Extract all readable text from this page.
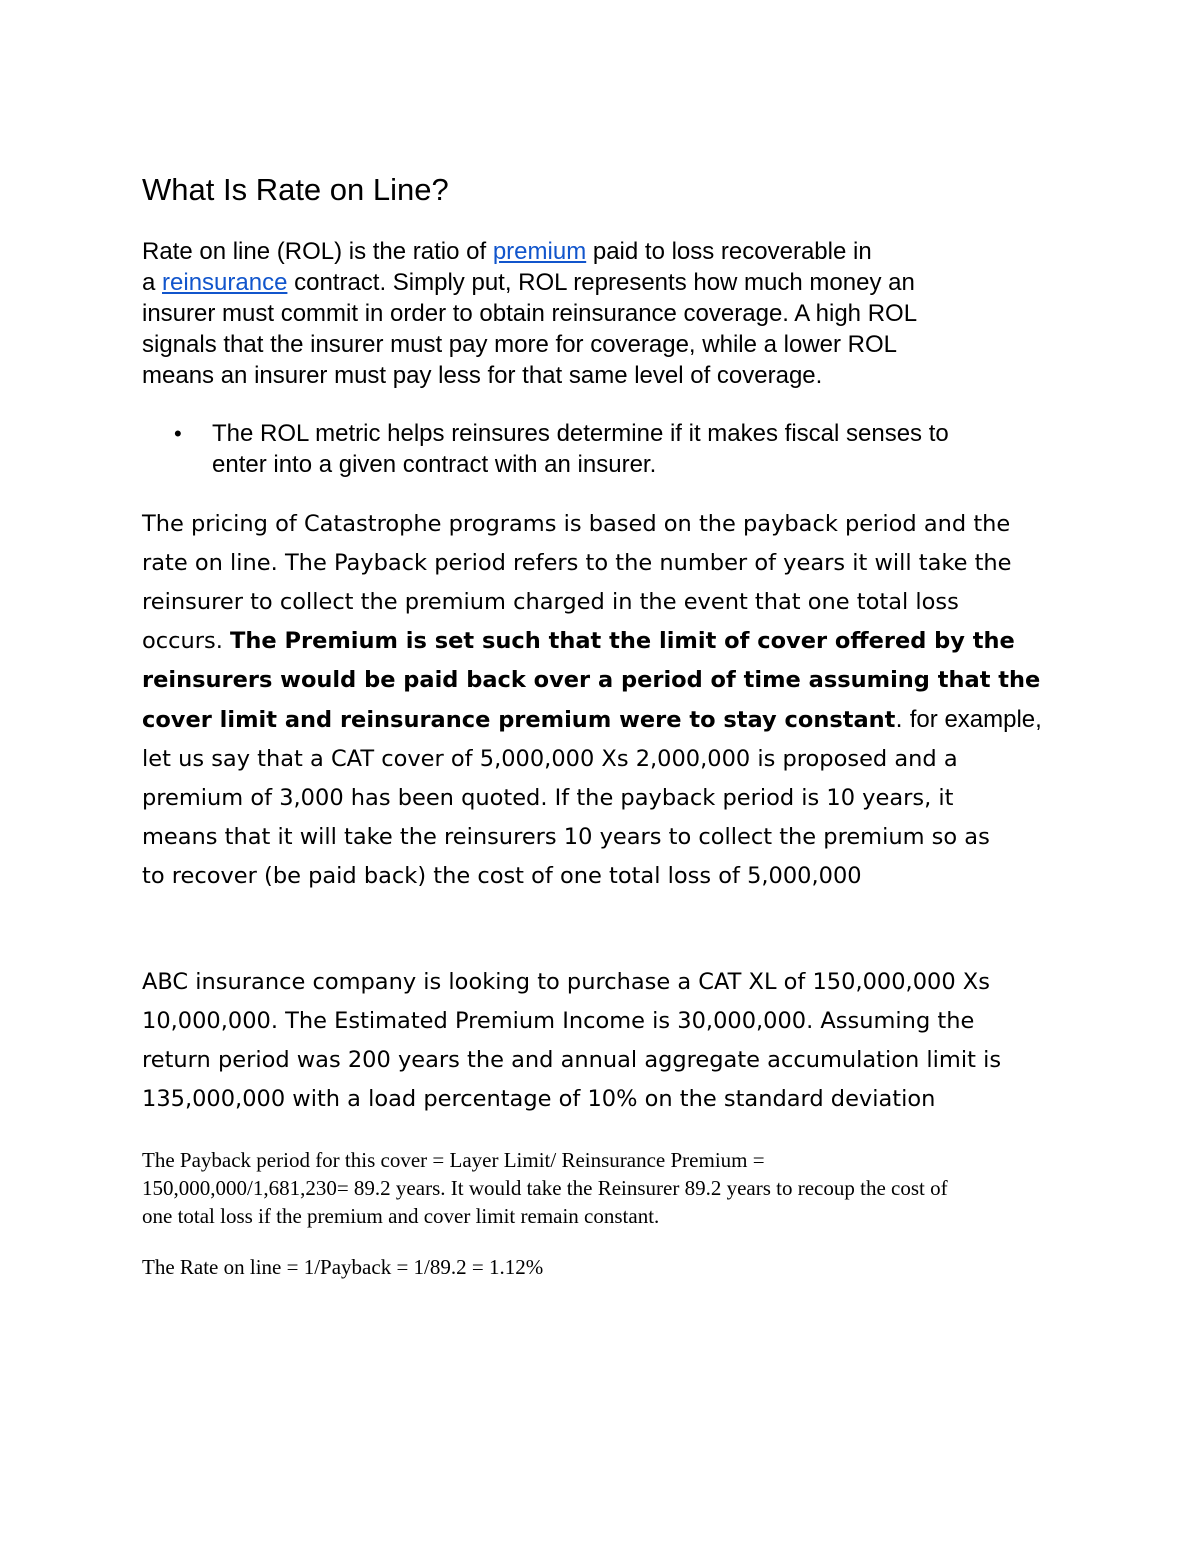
What Is Rate on Line?

Rate on line (ROL) is the ratio of premium paid to loss recoverable in
a reinsurance contract. Simply put, ROL represents how much money an
insurer must commit in order to obtain reinsurance coverage. A high ROL
signals that the insurer must pay more for coverage, while a lower ROL
means an insurer must pay less for that same level of coverage.

• The ROL metric helps reinsures determine if it makes fiscal senses to
enter into a given contract with an insurer.

The pricing of Catastrophe programs is based on the payback period and the
rate on line. The Payback period refers to the number of years it will take the
reinsurer to collect the premium charged in the event that one total loss
occurs. The Premium is set such that the limit of cover offered by the
reinsurers would be paid back over a period of time assuming that the
cover limit and reinsurance premium were to stay constant. for example,
let us say that a CAT cover of 5,000,000 Xs 2,000,000 is proposed and a
premium of 3,000 has been quoted. If the payback period is 10 years, it
means that it will take the reinsurers 10 years to collect the premium so as
to recover (be paid back) the cost of one total loss of 5,000,000

ABC insurance company is looking to purchase a CAT XL of 150,000,000 Xs
10,000,000. The Estimated Premium Income is 30,000,000. Assuming the
return period was 200 years the and annual aggregate accumulation limit is
135,000,000 with a load percentage of 10% on the standard deviation

The Payback period for this cover = Layer Limit/ Reinsurance Premium =
150,000,000/1,681,230= 89.2 years. It would take the Reinsurer 89.2 years to recoup the cost of
one total loss if the premium and cover limit remain constant.

The Rate on line = 1/Payback = 1/89.2 = 1.12%
